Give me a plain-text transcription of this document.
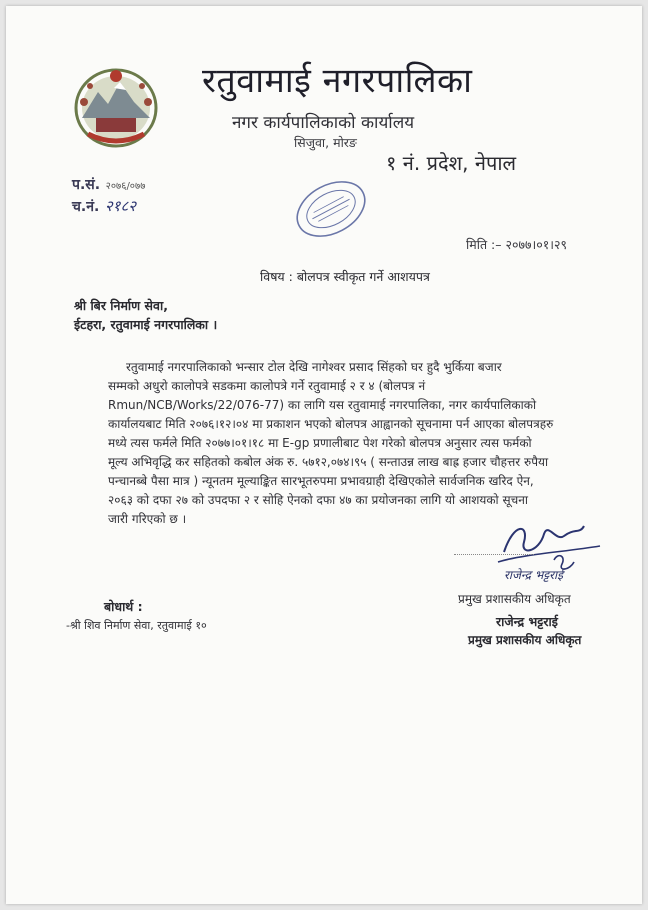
रतुवामाई नगरपालिका
नगर कार्यपालिकाको कार्यालय
सिजुवा, मोरङ
१ नं. प्रदेश, नेपाल
प.सं. २०७६/०७७
च.नं. २१८२
मिति :– २०७७।०१।२९
विषय : बोलपत्र स्वीकृत गर्ने आशयपत्र
श्री बिर निर्माण सेवा,
ईटहरा, रतुवामाई नगरपालिका ।
रतुवामाई नगरपालिकाको भन्सार टोल देखि नागेश्वर प्रसाद सिंहको घर हुदै भुर्किया बजार
सम्मको अधुरो कालोपत्रे सडकमा कालोपत्रे गर्ने रतुवामाई २ र ४ (बोलपत्र नं
Rmun/NCB/Works/22/076-77) का लागि यस रतुवामाई नगरपालिका, नगर कार्यपालिकाको
कार्यालयबाट मिति २०७६।१२।०४ मा प्रकाशन भएको बोलपत्र आह्वानको सूचनामा पर्न आएका बोलपत्रहरु
मध्ये त्यस फर्मले मिति २०७७।०१।१८ मा E-gp प्रणालीबाट पेश गरेको बोलपत्र अनुसार त्यस फर्मको
मूल्य अभिवृद्धि कर सहितको कबोल अंक रु. ५७१२,०७४।९५ ( सन्ताउन्न लाख बाह्र हजार चौहत्तर रुपैया
पन्चानब्बे पैसा मात्र ) न्यूनतम मूल्याङ्कित सारभूतरुपमा प्रभावग्राही देखिएकोले सार्वजनिक खरिद ऐन,
२०६३ को दफा २७ को उपदफा २ र सोहि ऐनको दफा ४७ का प्रयोजनका लागि यो आशयको सूचना
जारी गरिएको छ ।
राजेन्द्र भट्टराई
प्रमुख प्रशासकीय अधिकृत
राजेन्द्र भट्टराई
प्रमुख प्रशासकीय अधिकृत
बोधार्थ :
-श्री शिव निर्माण सेवा, रतुवामाई १०
